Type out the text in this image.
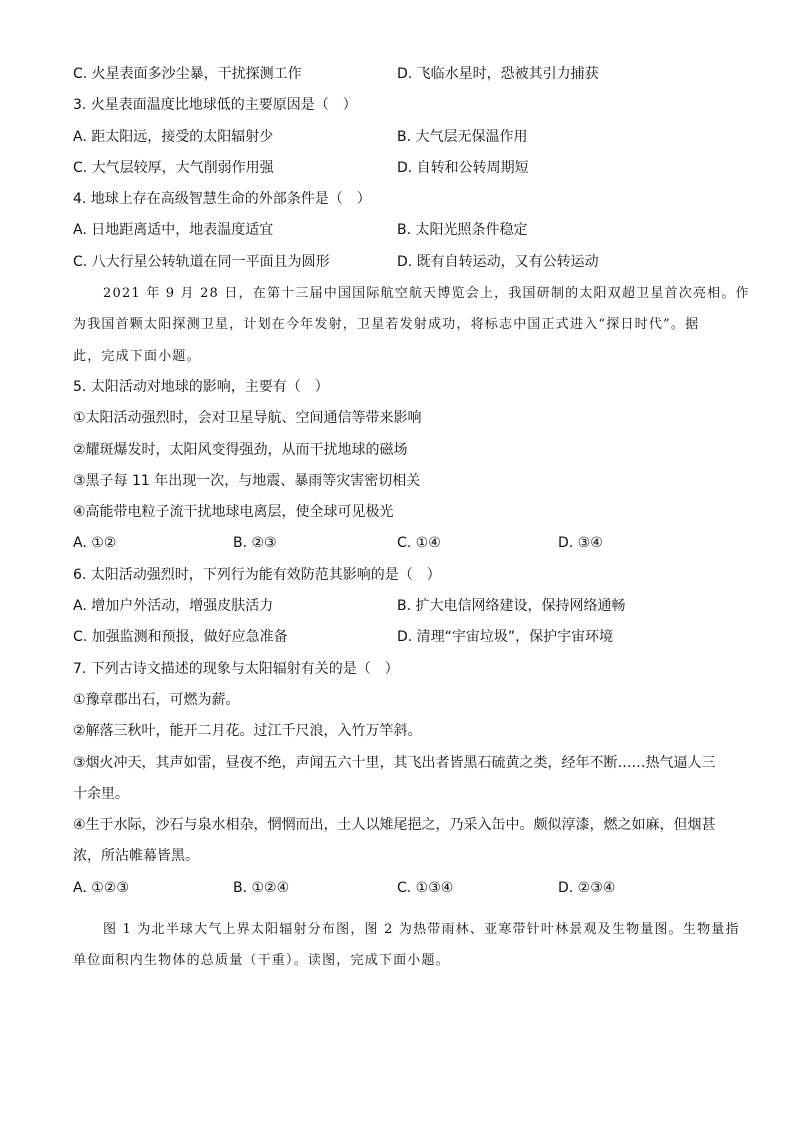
C. 火星表面多沙尘暴，干扰探测工作	D. 飞临水星时，恐被其引力捕获
3. 火星表面温度比地球低的主要原因是（　）
A. 距太阳远，接受的太阳辐射少	B. 大气层无保温作用
C. 大气层较厚，大气削弱作用强	D. 自转和公转周期短
4. 地球上存在高级智慧生命的外部条件是（　）
A. 日地距离适中，地表温度适宜	B. 太阳光照条件稳定
C. 八大行星公转轨道在同一平面且为圆形	D. 既有自转运动，又有公转运动
2021 年 9 月 28 日，在第十三届中国国际航空航天博览会上，我国研制的太阳双超卫星首次亮相。作
为我国首颗太阳探测卫星，计划在今年发射，卫星若发射成功，将标志中国正式进入“探日时代”。据
此，完成下面小题。
5. 太阳活动对地球的影响，主要有（　）
①太阳活动强烈时，会对卫星导航、空间通信等带来影响
②耀斑爆发时，太阳风变得强劲，从而干扰地球的磁场
③黑子每 11 年出现一次，与地震、暴雨等灾害密切相关
④高能带电粒子流干扰地球电离层，使全球可见极光
A. ①②	B. ②③	C. ①④	D. ③④
6. 太阳活动强烈时，下列行为能有效防范其影响的是（　）
A. 增加户外活动，增强皮肤活力	B. 扩大电信网络建设，保持网络通畅
C. 加强监测和预报，做好应急准备	D. 清理“宇宙垃圾”，保护宇宙环境
7. 下列古诗文描述的现象与太阳辐射有关的是（　）
①豫章郡出石，可燃为薪。
②解落三秋叶，能开二月花。过江千尺浪，入竹万竿斜。
③烟火冲天，其声如雷，昼夜不绝，声闻五六十里，其飞出者皆黑石硫黄之类，经年不断……热气逼人三
十余里。
④生于水际，沙石与泉水相杂，惘惘而出，土人以雉尾挹之，乃采入缶中。颇似淳漆，燃之如麻，但烟甚
浓，所沾帷幕皆黑。
A. ①②③	B. ①②④	C. ①③④	D. ②③④
图 1 为北半球大气上界太阳辐射分布图，图 2 为热带雨林、亚寒带针叶林景观及生物量图。生物量指
单位面积内生物体的总质量（干重）。读图，完成下面小题。
